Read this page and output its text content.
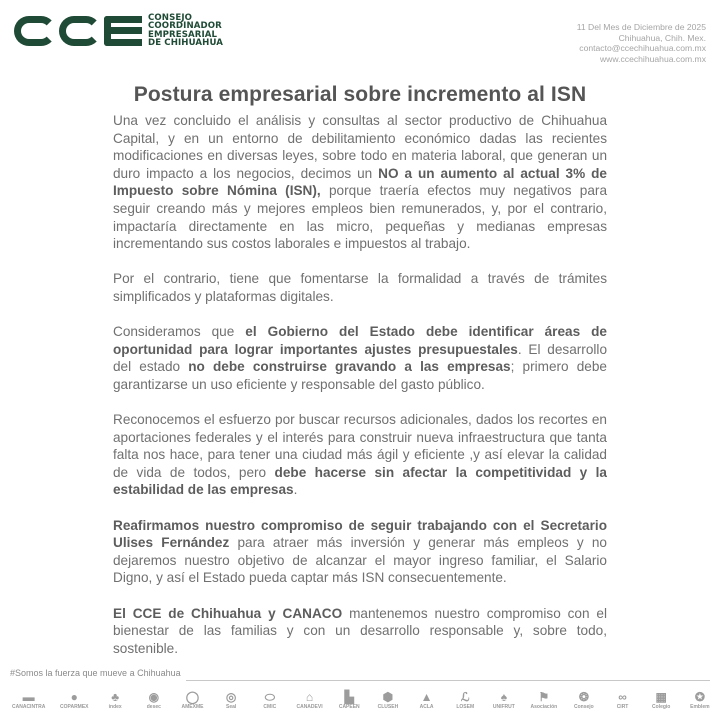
CONSEJO
COORDINADOR
EMPRESARIAL
DE CHIHUAHUA
11 Del Mes de Diciembre de 2025
Chihuahua, Chih. Mex.
contacto@ccechihuahua.com.mx
www.ccechihuahua.com.mx
Postura empresarial sobre incremento al ISN

Una vez concluido el análisis y consultas al sector productivo de Chihuahua Capital, y en un entorno de debilitamiento económico dadas las recientes modificaciones en diversas leyes, sobre todo en materia laboral, que generan un duro impacto a los negocios, decimos un NO a un aumento al actual 3% de Impuesto sobre Nómina (ISN), porque traería efectos muy negativos para seguir creando más y mejores empleos bien remunerados, y, por el contrario, impactaría directamente en las micro, pequeñas y medianas empresas incrementando sus costos laborales e impuestos al trabajo.

Por el contrario, tiene que fomentarse la formalidad a través de trámites simplificados y plataformas digitales.

Consideramos que el Gobierno del Estado debe identificar áreas de oportunidad para lograr importantes ajustes presupuestales. El desarrollo del estado no debe construirse gravando a las empresas; primero debe garantizarse un uso eficiente y responsable del gasto público.

Reconocemos el esfuerzo por buscar recursos adicionales, dados los recortes en aportaciones federales y el interés para construir nueva infraestructura que tanta falta nos hace, para tener una ciudad más ágil y eficiente ,y así elevar la calidad de vida de todos, pero debe hacerse sin afectar la competitividad y la estabilidad de las empresas.

Reafirmamos nuestro compromiso de seguir trabajando con el Secretario Ulises Fernández para atraer más inversión y generar más empleos y no dejaremos nuestro objetivo de alcanzar el mayor ingreso familiar, el Salario Digno, y así el Estado pueda captar más ISN consecuentemente.

El CCE de Chihuahua y CANACO mantenemos nuestro compromiso con el bienestar de las familias y con un desarrollo responsable y, sobre todo, sostenible.

#Somos la fuerza que mueve a Chihuahua
▬
CANACINTRA
●
COPARMEX
♣
index
◉
desec
◯
AMEXME
◎
Seal
⬭
CMIC
⌂
CANADEVI
▙
CAPEEN
⬢
CLUSEH
▲
ACLA
ℒ
LOSEM
♠
UNIFRUT
⚑
Asociación
❂
Consejo
∞
CIRT
▦
Colegio
✪
Emblem
